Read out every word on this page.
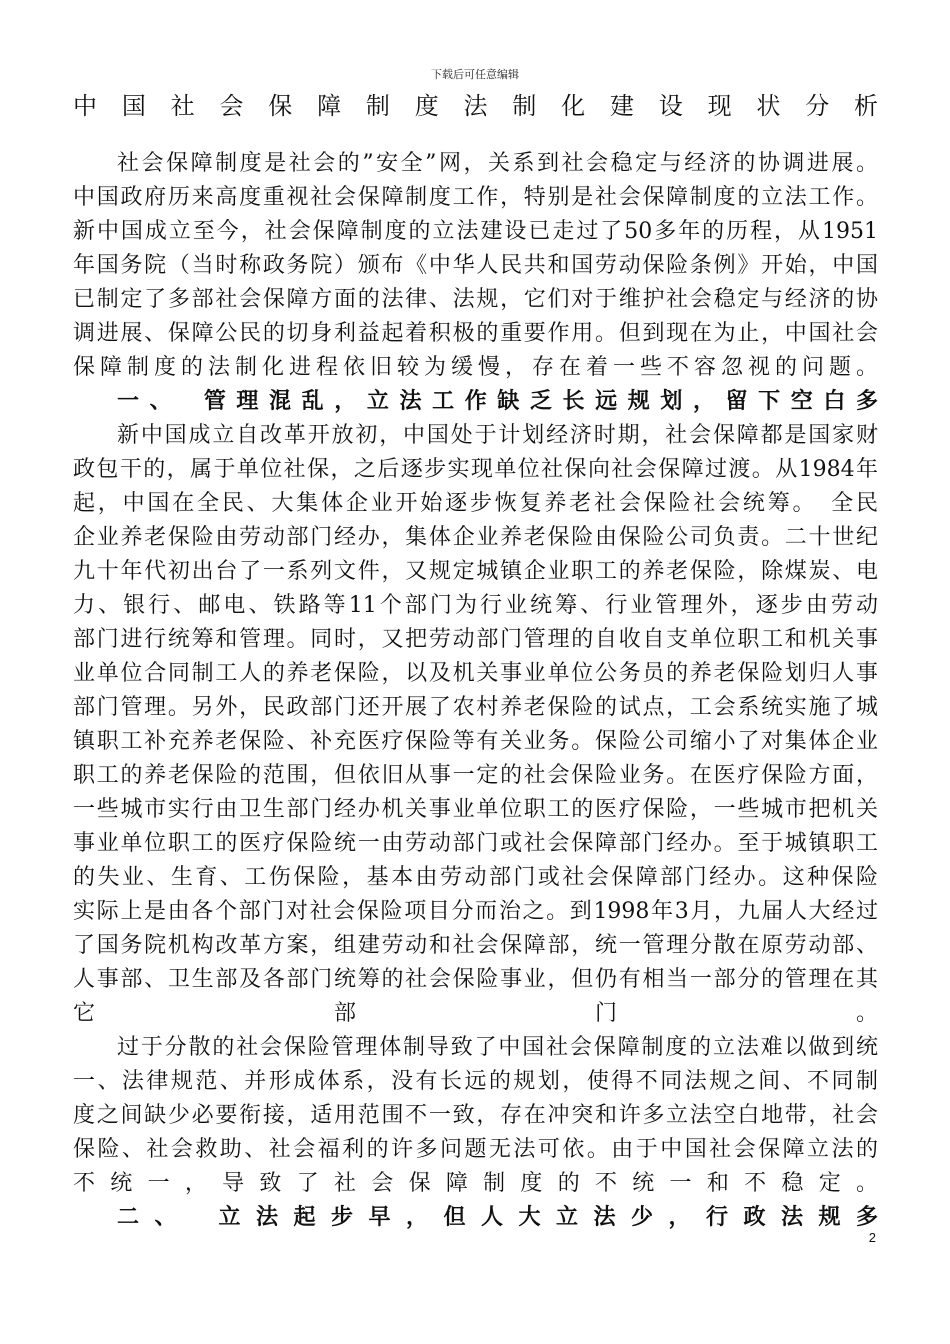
下载后可任意编辑
中 国 社 会 保 障 制 度 法 制 化 建 设 现 状 分 析
社会保障制度是社会的”安全”网，关系到社会稳定与经济的协调进展。
中国政府历来高度重视社会保障制度工作，特别是社会保障制度的立法工作。
新中国成立至今，社会保障制度的立法建设已走过了50多年的历程，从1951
年国务院（当时称政务院）颁布《中华人民共和国劳动保险条例》开始，中国
已制定了多部社会保障方面的法律、法规，它们对于维护社会稳定与经济的协
调进展、保障公民的切身利益起着积极的重要作用。但到现在为止，中国社会
保障制度的法制化进程依旧较为缓慢，存在着一些不容忽视的问题。
一、　管理混乱，立法工作缺乏长远规划，留下空白多
新中国成立自改革开放初，中国处于计划经济时期，社会保障都是国家财
政包干的，属于单位社保，之后逐步实现单位社保向社会保障过渡。从1984年
起，中国在全民、大集体企业开始逐步恢复养老社会保险社会统筹。　全民
企业养老保险由劳动部门经办，集体企业养老保险由保险公司负责。二十世纪
九十年代初出台了一系列文件，又规定城镇企业职工的养老保险，除煤炭、电
力、银行、邮电、铁路等11个部门为行业统筹、行业管理外，逐步由劳动
部门进行统筹和管理。同时，又把劳动部门管理的自收自支单位职工和机关事
业单位合同制工人的养老保险，以及机关事业单位公务员的养老保险划归人事
部门管理。另外，民政部门还开展了农村养老保险的试点，工会系统实施了城
镇职工补充养老保险、补充医疗保险等有关业务。保险公司缩小了对集体企业
职工的养老保险的范围，但依旧从事一定的社会保险业务。在医疗保险方面，
一些城市实行由卫生部门经办机关事业单位职工的医疗保险，一些城市把机关
事业单位职工的医疗保险统一由劳动部门或社会保障部门经办。至于城镇职工
的失业、生育、工伤保险，基本由劳动部门或社会保障部门经办。这种保险
实际上是由各个部门对社会保险项目分而治之。到1998年3月，九届人大经过
了国务院机构改革方案，组建劳动和社会保障部，统一管理分散在原劳动部、
人事部、卫生部及各部门统筹的社会保险事业，但仍有相当一部分的管理在其
它　部　门　。
过于分散的社会保险管理体制导致了中国社会保障制度的立法难以做到统
一、法律规范、并形成体系，没有长远的规划，使得不同法规之间、不同制
度之间缺少必要衔接，适用范围不一致，存在冲突和许多立法空白地带，社会
保险、社会救助、社会福利的许多问题无法可依。由于中国社会保障立法的
不统一，导致了社会保障制度的不统一和不稳定。
二、　立法起步早，但人大立法少，行政法规多
2
